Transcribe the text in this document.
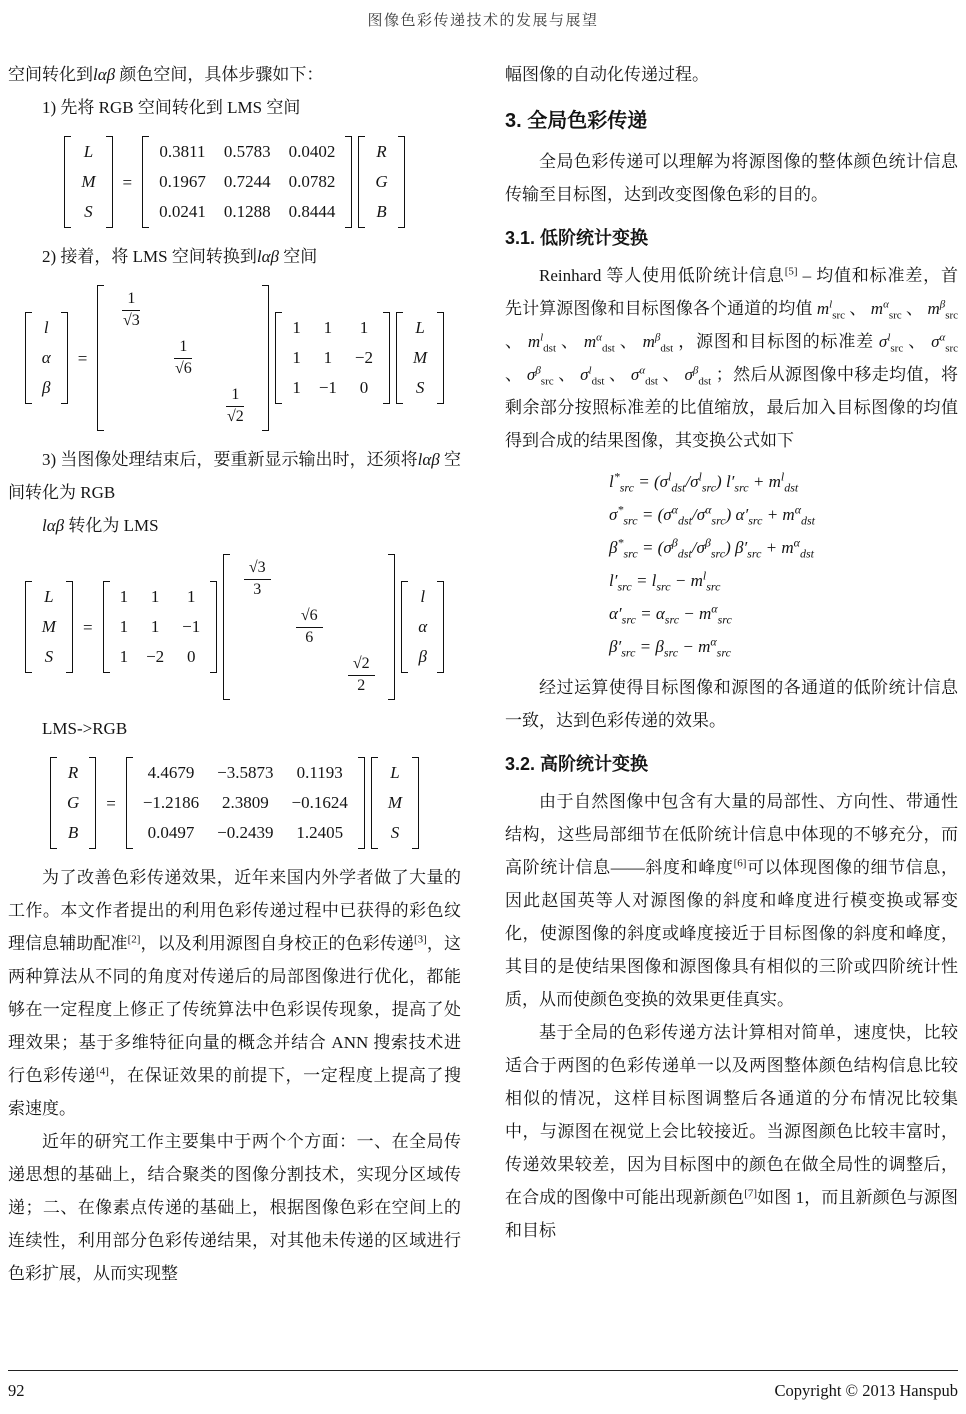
图像色彩传递技术的发展与展望

空间转化到lαβ 颜色空间，具体步骤如下：

1) 先将 RGB 空间转化到 LMS 空间

L
M
S
=
0.3811	0.5783	0.0402
0.1967	0.7244	0.0782
0.0241	0.1288	0.8444
R
G
B

2) 接着，将 LMS 空间转换到lαβ 空间

l
α
β
=
$\frac{1}{√3}$

$\frac{1}{√6}$

$\frac{1}{√2}$
1	1	1
1	1	−2
1	−1	0
L
M
S

3) 当图像处理结束后，要重新显示输出时，还须将lαβ 空间转化为 RGB

lαβ 转化为 LMS

L
M
S
=
1	1	1
1	1	−1
1	−2	0
$\frac{√3}{3}$

$\frac{√6}{6}$

$\frac{√2}{2}$
l
α
β

LMS->RGB

R
G
B
=
4.4679	−3.5873	0.1193
−1.2186	2.3809	−0.1624
0.0497	−0.2439	1.2405
L
M
S

为了改善色彩传递效果，近年来国内外学者做了大量的工作。本文作者提出的利用色彩传递过程中已获得的彩色纹理信息辅助配准[2]，以及利用源图自身校正的色彩传递[3]，这两种算法从不同的角度对传递后的局部图像进行优化，都能够在一定程度上修正了传统算法中色彩误传现象，提高了处理效果；基于多维特征向量的概念并结合 ANN 搜索技术进行色彩传递[4]，在保证效果的前提下，一定程度上提高了搜索速度。

近年的研究工作主要集中于两个个方面：一、在全局传递思想的基础上，结合聚类的图像分割技术，实现分区域传递；二、在像素点传递的基础上，根据图像色彩在空间上的连续性，利用部分色彩传递结果，对其他未传递的区域进行色彩扩展，从而实现整

幅图像的自动化传递过程。

3. 全局色彩传递

全局色彩传递可以理解为将源图像的整体颜色统计信息传输至目标图，达到改变图像色彩的目的。

3.1. 低阶统计变换

Reinhard 等人使用低阶统计信息[5] – 均值和标准差，首先计算源图像和目标图像各个通道的均值 $m^l_{src}$ 、 $m^\alpha_{src}$ 、 $m^\beta_{src}$ 、 $m^l_{dst}$ 、 $m^\alpha_{dst}$ 、 $m^\beta_{dst}$ ，源图和目标图的标准差 $\sigma^l_{src}$ 、 $\sigma^\alpha_{src}$ 、 $\sigma^\beta_{src}$ 、 $\sigma^l_{dst}$ 、 $\sigma^\alpha_{dst}$ 、 $\sigma^\beta_{dst}$ ；然后从源图像中移走均值，将剩余部分按照标准差的比值缩放，最后加入目标图像的均值得到合成的结果图像，其变换公式如下

$l^*_{src} = (\sigma^l_{dst}/\sigma^l_{src}) l'_{src} + m^l_{dst}$
$\sigma^*_{src} = (\sigma^\alpha_{dst}/\sigma^\alpha_{src}) \alpha'_{src} + m^\alpha_{dst}$
$\beta^*_{src} = (\sigma^\beta_{dst}/\sigma^\beta_{src}) \beta'_{src} + m^\alpha_{dst}$
$l'_{src} = l_{src} - m^l_{src}$
$\alpha'_{src} = \alpha_{src} - m^\alpha_{src}$
$\beta'_{src} = \beta_{src} - m^\alpha_{src}$

经过运算使得目标图像和源图的各通道的低阶统计信息一致，达到色彩传递的效果。

3.2. 高阶统计变换

由于自然图像中包含有大量的局部性、方向性、带通性结构，这些局部细节在低阶统计信息中体现的不够充分，而高阶统计信息——斜度和峰度[6]可以体现图像的细节信息，因此赵国英等人对源图像的斜度和峰度进行模变换或幂变化，使源图像的斜度或峰度接近于目标图像的斜度和峰度，其目的是使结果图像和源图像具有相似的三阶或四阶统计性质，从而使颜色变换的效果更佳真实。

基于全局的色彩传递方法计算相对简单，速度快，比较适合于两图的色彩传递单一以及两图整体颜色结构信息比较相似的情况，这样目标图调整后各通道的分布情况比较集中，与源图在视觉上会比较接近。当源图颜色比较丰富时，传递效果较差，因为目标图中的颜色在做全局性的调整后，在合成的图像中可能出现新颜色[7]如图 1，而且新颜色与源图和目标

92	Copyright © 2013 Hanspub
